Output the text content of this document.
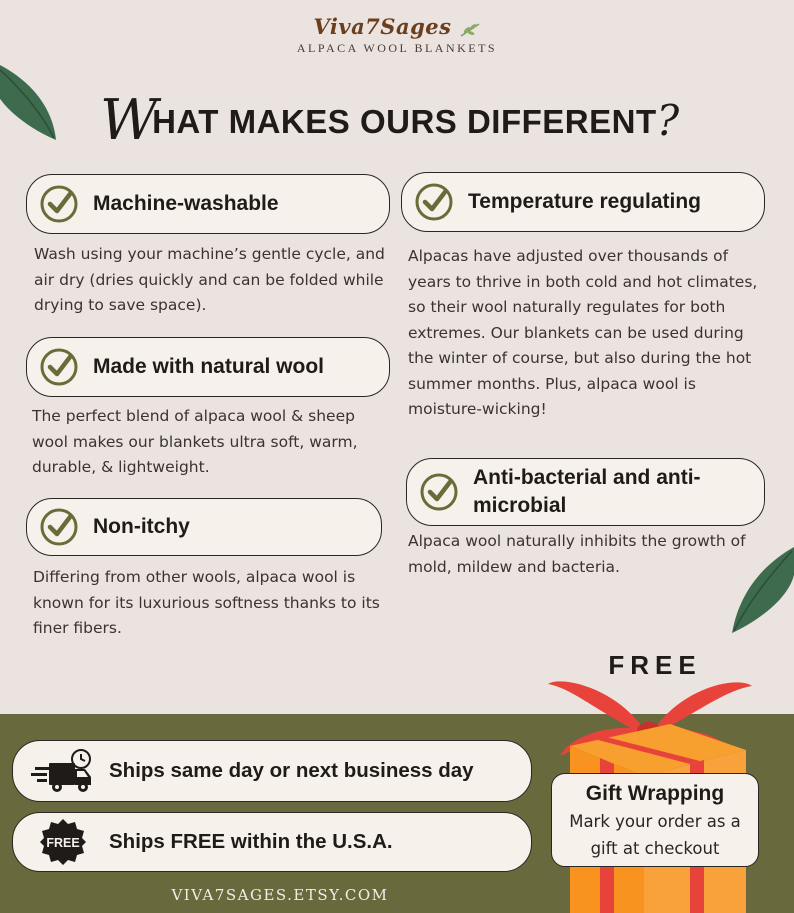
Viva7Sages
ALPACA WOOL BLANKETS
WHAT MAKES OURS DIFFERENT?
Machine-washable
Wash using your machine’s gentle cycle, and air dry (dries quickly and can be folded while drying to save space).
Made with natural wool
The perfect blend of alpaca wool & sheep wool makes our blankets ultra soft, warm, durable, & lightweight.
Non-itchy
Differing from other wools, alpaca wool is known for its luxurious softness thanks to its finer fibers.
Temperature regulating
Alpacas have adjusted over thousands of years to thrive in both cold and hot climates, so their wool naturally regulates for both extremes. Our blankets can be used during the winter of course, but also during the hot summer months. Plus, alpaca wool is moisture-wicking!
Anti-bacterial and anti-microbial
Alpaca wool naturally inhibits the growth of mold, mildew and bacteria.
Ships same day or next business day
FREE Ships FREE within the U.S.A.
VIVA7SAGES.ETSY.COM
FREE
Gift Wrapping
Mark your order as a
gift at checkout
